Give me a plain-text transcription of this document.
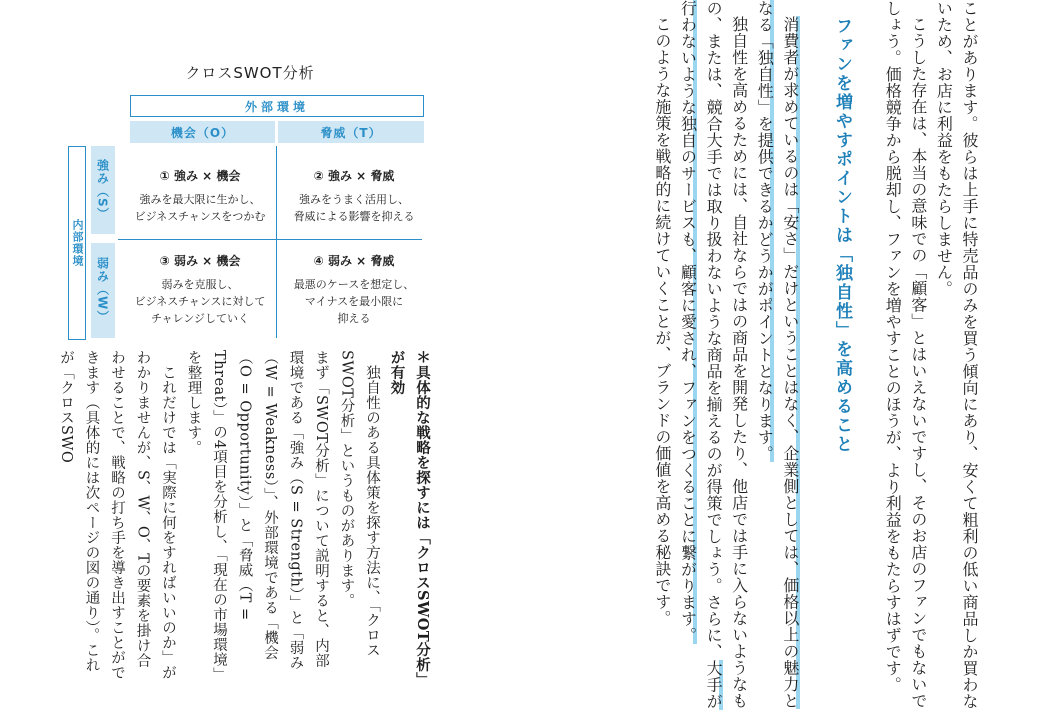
ことがあります。彼らは上手に特売品のみを買う傾向にあり、安くて粗利の低い商品しか買わないため、お店に利益をもたらしません。

こうした存在は、本当の意味での「顧客」とはいえないですし、そのお店のファンでもないでしょう。価格競争から脱却し、ファンを増やすことのほうが、より利益をもたらすはずです。

ファンを増やすポイントは「独自性」を高めること

消費者が求めているのは「安さ」だけということはなく、企業側としては、価格以上の魅力となる「独自性」を提供できるかどうかがポイントとなります。

独自性を高めるためには、自社ならではの商品を開発したり、他店では手に入らないようなもの、または、競合大手では取り扱わないような商品を揃えるのが得策でしょう。さらに、大手が行わないような独自のサービスも、顧客に愛され、ファンをつくることに繋がります。

このような施策を戦略的に続けていくことが、ブランドの価値を高める秘訣です。

クロスSWOT分析
外部環境
機会（O）	脅威（T）
内部環境
強み（S）
弱み（W）
① 強み × 機会
強みを最大限に生かし、
ビジネスチャンスをつかむ
② 強み × 脅威
強みをうまく活用し、
脅威による影響を抑える
③ 弱み × 機会
弱みを克服し、
ビジネスチャンスに対して
チャレンジしていく
④ 弱み × 脅威
最悪のケースを想定し、
マイナスを最小限に
抑える

＊具体的な戦略を探すには「クロスSWOT分析」が有効

独自性のある具体策を探す方法に、「クロスSWOT分析」というものがあります。

まず「SWOT分析」について説明すると、内部環境である「強み（S = Strength）」と「弱み（W = Weakness）」、外部環境である「機会（O = Opportunity）」と「脅威（T = Threat）」の4項目を分析し、「現在の市場環境」を整理します。

これだけでは「実際に何をすればいいのか」がわかりませんが、S、W、O、Tの要素を掛け合わせることで、戦略の打ち手を導き出すことができます（具体的には次ページの図の通り）。これが「クロスSWO
